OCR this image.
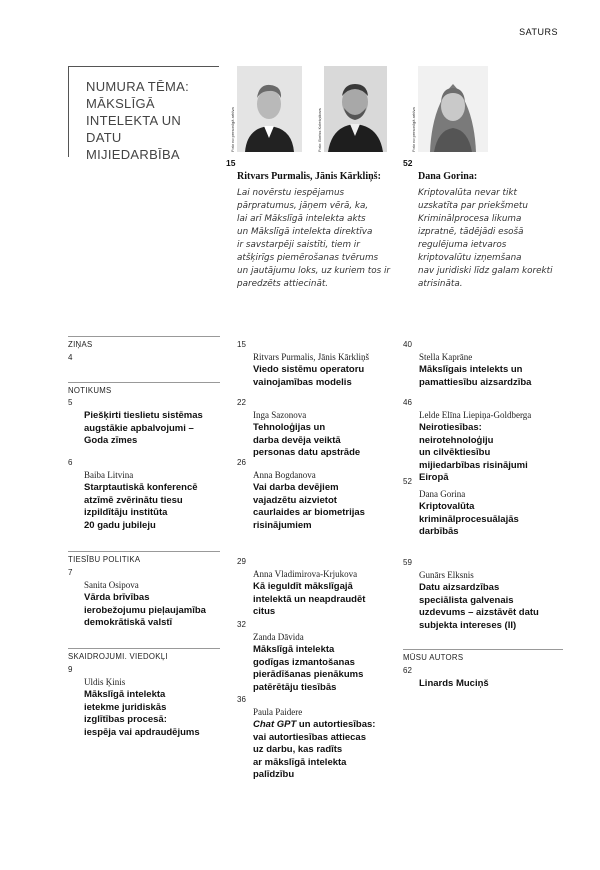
SATURS
NUMURA TĒMA:
MĀKSLĪGĀ
INTELEKTA UN DATU
MIJIEDARBĪBA
Foto no personīgā arhīva	Foto: Boriss Koleśņikovs	Foto no personīgā arhīva
15
Ritvars Purmalis, Jānis Kārkliņš:
Lai novērstu iespējamus
pārpratumus, jāņem vērā, ka,
lai arī Mākslīgā intelekta akts
un Mākslīgā intelekta direktīva
ir savstarpēji saistīti, tiem ir
atšķirīgs piemērošanas tvērums
un jautājumu loks, uz kuriem tos ir
paredzēts attiecināt.
52
Dana Gorina:
Kriptovalūta nevar tikt
uzskatīta par priekšmetu
Kriminālprocesa likuma
izpratnē, tādējādi esošā
regulējuma ietvaros
kriptovalūtu izņemšana
nav juridiski līdz galam korekti
atrisināta.
ZIŅAS
4
NOTIKUMS
5
Piešķirti tieslietu sistēmas
augstākie apbalvojumi –
Goda zīmes
6
Baiba Litvina
Starptautiskā konferencē
atzīmē zvērinātu tiesu
izpildītāju institūta
20 gadu jubileju
TIESĪBU POLITIKA
7
Sanita Osipova
Vārda brīvības
ierobežojumu pieļaujamība
demokrātiskā valstī
SKAIDROJUMI. VIEDOKĻI
9
Uldis Ķinis
Mākslīgā intelekta
ietekme juridiskās
izglītības procesā:
iespēja vai apdraudējums
15
Ritvars Purmalis, Jānis Kārkliņš
Viedo sistēmu operatoru
vainojamības modelis
22
Inga Sazonova
Tehnoloģijas un
darba devēja veiktā
personas datu apstrāde
26
Anna Bogdanova
Vai darba devējiem
vajadzētu aizvietot
caurlaides ar biometrijas
risinājumiem
29
Anna Vladimirova-Krjukova
Kā ieguldīt mākslīgajā
intelektā un neapdraudēt
citus
32
Zanda Dāvida
Mākslīgā intelekta
godīgas izmantošanas
pierādīšanas pienākums
patērētāju tiesībās
36
Paula Paidere
Chat GPT un autortiesības:
vai autortiesības attiecas
uz darbu, kas radīts
ar mākslīgā intelekta
palīdzību
40
Stella Kaprāne
Mākslīgais intelekts un
pamattiesību aizsardzība
46
Lelde Elīna Liepiņa-Goldberga
Neirotiesības:
neirotehnoloģiju
un cilvēktiesību
mijiedarbības risinājumi
Eiropā
52
Dana Gorina
Kriptovalūta
kriminālprocesuālajās
darbībās
59
Gunārs Elksnis
Datu aizsardzības
speciālista galvenais
uzdevums – aizstāvēt datu
subjekta intereses (II)
MŪSU AUTORS
62
Linards Muciņš
